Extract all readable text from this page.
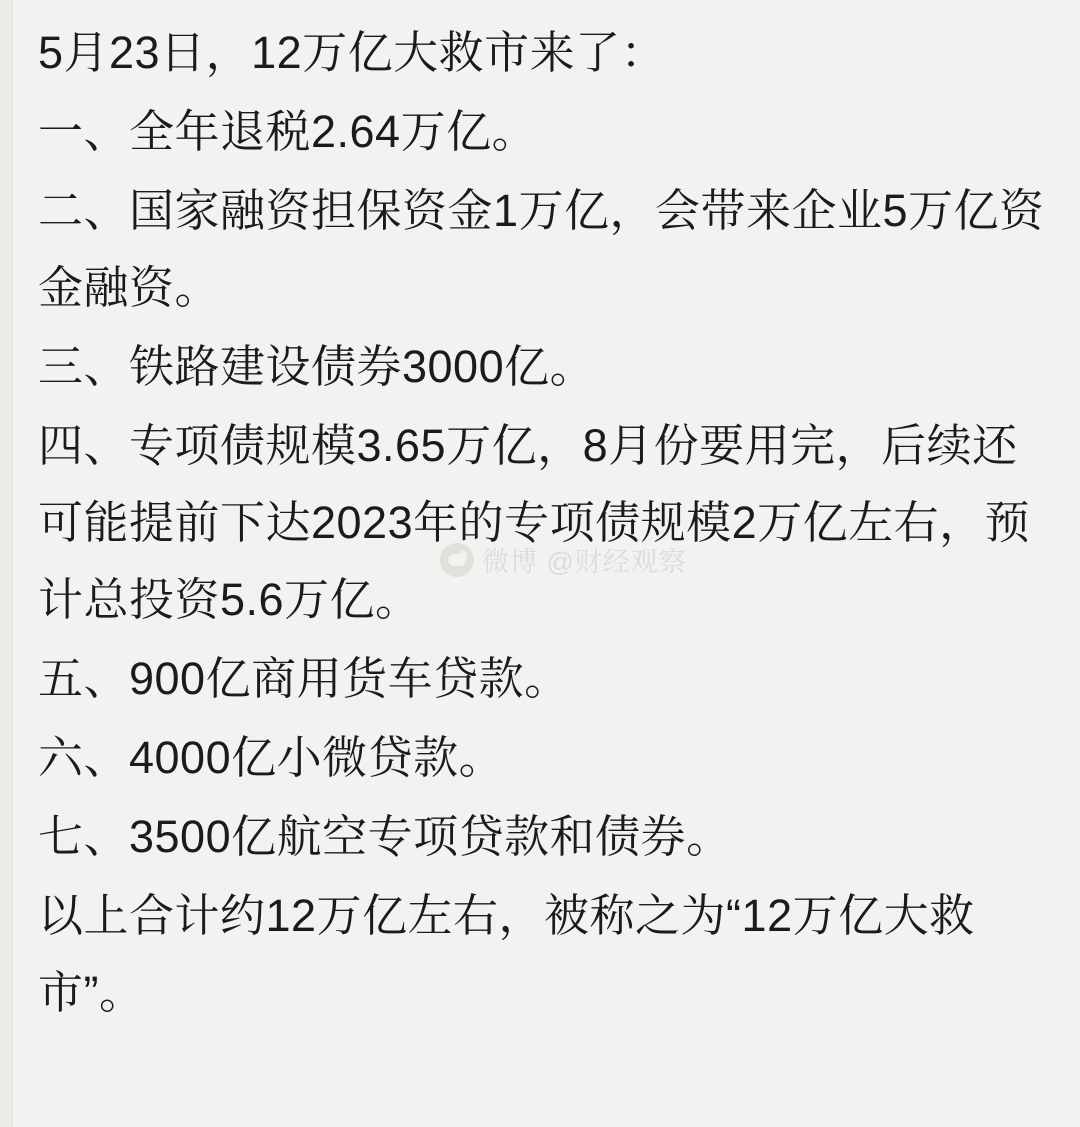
5月23日，12万亿大救市来了：

一、全年退税2.64万亿。

二、国家融资担保资金1万亿，会带来企业5万亿资金融资。

三、铁路建设债券3000亿。

四、专项债规模3.65万亿，8月份要用完，后续还可能提前下达2023年的专项债规模2万亿左右，预计总投资5.6万亿。

五、900亿商用货车贷款。

六、4000亿小微贷款。

七、3500亿航空专项贷款和债券。

以上合计约12万亿左右，被称之为“12万亿大救市”。

微博 @财经观察
